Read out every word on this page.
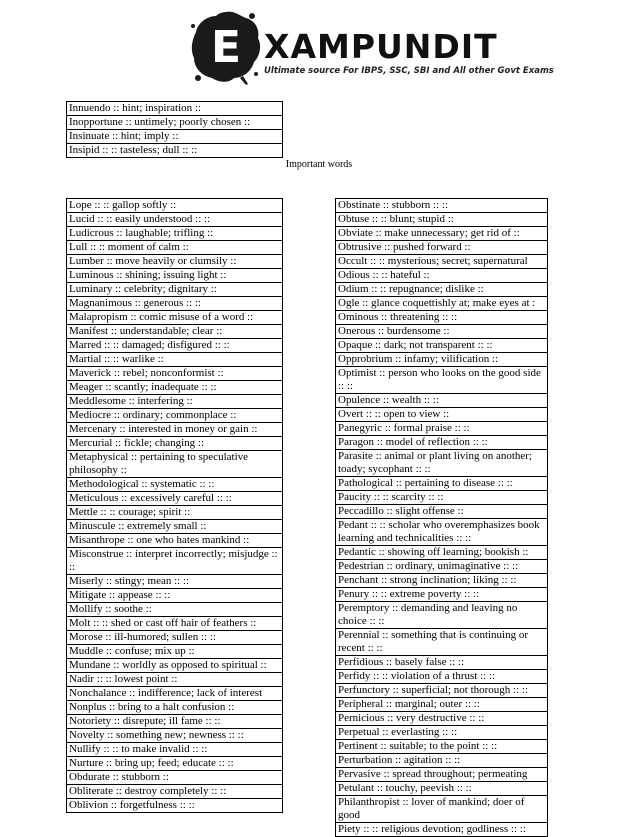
E XAMPUNDIT
Ultimate source For IBPS, SSC, SBI and All other Govt Exams
Innuendo :: hint; inspiration ::
Inopportune :: untimely; poorly chosen ::
Insinuate :: hint; imply ::
Insipid :: :: tasteless; dull :: ::
Important words
Lope :: :: gallop softly ::
Lucid :: :: easily understood :: ::
Ludicrous :: laughable; trifling ::
Lull :: :: moment of calm ::
Lumber :: move heavily or clumsily ::
Luminous :: shining; issuing light ::
Luminary :: celebrity; dignitary ::
Magnanimous :: generous :: ::
Malapropism :: comic misuse of a word ::
Manifest :: understandable; clear ::
Marred :: :: damaged; disfigured :: ::
Martial :: :: warlike ::
Maverick :: rebel; nonconformist ::
Meager :: scantly; inadequate :: ::
Meddlesome :: interfering ::
Mediocre :: ordinary; commonplace ::
Mercenary :: interested in money or gain ::
Mercurial :: fickle; changing ::
Metaphysical :: pertaining to speculative philosophy ::
Methodological :: systematic :: ::
Meticulous :: excessively careful :: ::
Mettle :: :: courage; spirit ::
Minuscule :: extremely small ::
Misanthrope :: one who hates mankind ::
Misconstrue :: interpret incorrectly; misjudge :: ::
Miserly :: stingy; mean :: ::
Mitigate :: appease :: ::
Mollify :: soothe ::
Molt :: :: shed or cast off hair of feathers ::
Morose :: ill-humored; sullen :: ::
Muddle :: confuse; mix up ::
Mundane :: worldly as opposed to spiritual ::
Nadir :: :: lowest point ::
Nonchalance :: indifference; lack of interest
Nonplus :: bring to a halt confusion ::
Notoriety :: disrepute; ill fame :: ::
Novelty :: something new; newness :: ::
Nullify :: :: to make invalid :: ::
Nurture :: bring up; feed; educate :: ::
Obdurate :: stubborn ::
Obliterate :: destroy completely :: ::
Oblivion :: forgetfulness :: ::
Obstinate :: stubborn :: ::
Obtuse :: :: blunt; stupid ::
Obviate :: make unnecessary; get rid of ::
Obtrusive :: pushed forward ::
Occult :: :: mysterious; secret; supernatural
Odious :: :: hateful ::
Odium :: :: repugnance; dislike ::
Ogle :: glance coquettishly at; make eyes at :
Ominous :: threatening :: ::
Onerous :: burdensome ::
Opaque :: dark; not transparent :: ::
Opprobrium :: infamy; vilification ::
Optimist :: person who looks on the good side :: ::
Opulence :: wealth :: ::
Overt :: :: open to view ::
Panegyric :: formal praise :: ::
Paragon :: model of reflection :: ::
Parasite :: animal or plant living on another; toady; sycophant :: ::
Pathological :: pertaining to disease :: ::
Paucity :: :: scarcity :: ::
Peccadillo :: slight offense ::
Pedant :: :: scholar who overemphasizes book learning and technicalities :: ::
Pedantic :: showing off learning; bookish ::
Pedestrian :: ordinary, unimaginative :: ::
Penchant :: strong inclination; liking :: ::
Penury :: :: extreme poverty :: ::
Peremptory :: demanding and leaving no choice :: ::
Perennial :: something that is continuing or recent :: ::
Perfidious :: basely false :: ::
Perfidy :: :: violation of a thrust :: ::
Perfunctory :: superficial; not thorough :: ::
Peripheral :: marginal; outer :: ::
Pernicious :: very destructive :: ::
Perpetual :: everlasting :: ::
Pertinent :: suitable; to the point :: ::
Perturbation :: agitation :: ::
Pervasive :: spread throughout; permeating
Petulant :: touchy, peevish :: ::
Philanthropist :: lover of mankind; doer of good
Piety :: :: religious devotion; godliness :: ::
